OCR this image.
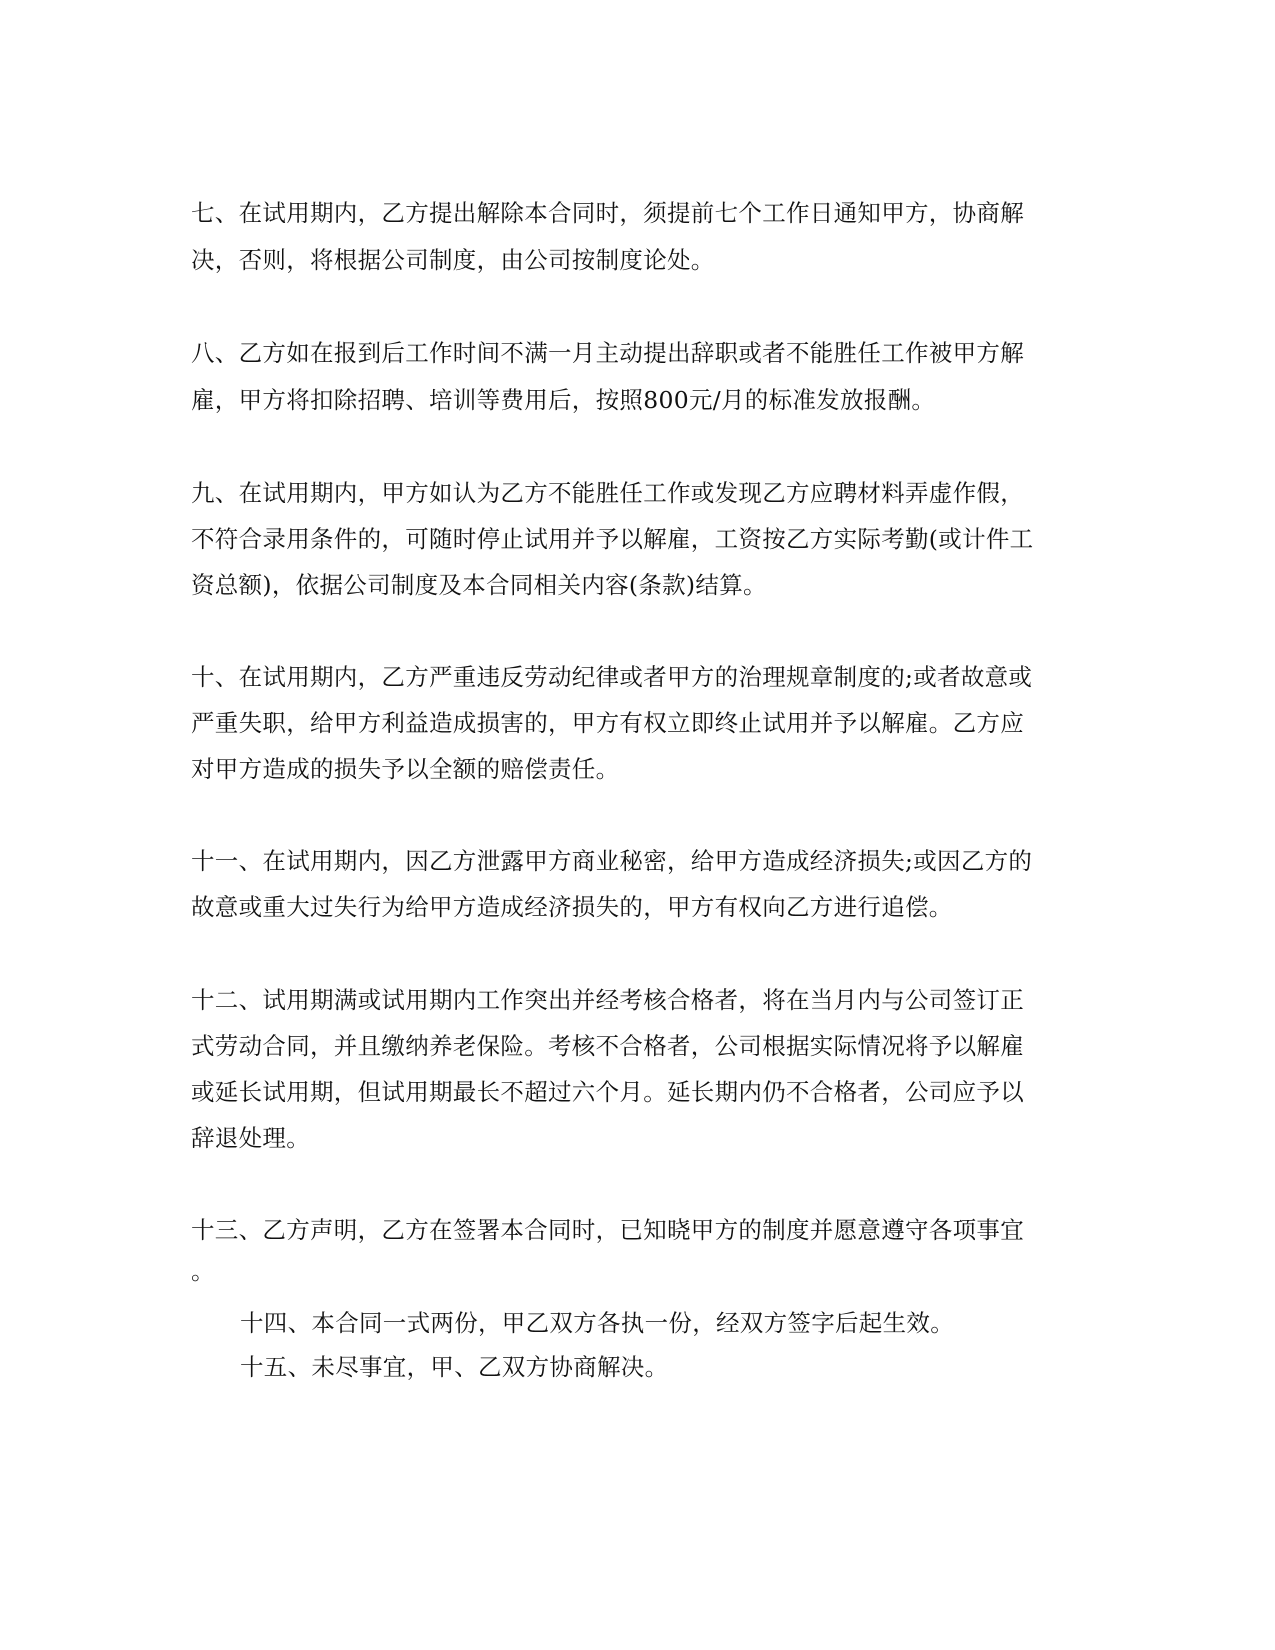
七、在试用期内，乙方提出解除本合同时，须提前七个工作日通知甲方，协商解
决，否则，将根据公司制度，由公司按制度论处。
八、乙方如在报到后工作时间不满一月主动提出辞职或者不能胜任工作被甲方解
雇，甲方将扣除招聘、培训等费用后，按照800元/月的标准发放报酬。
九、在试用期内，甲方如认为乙方不能胜任工作或发现乙方应聘材料弄虚作假，
不符合录用条件的，可随时停止试用并予以解雇，工资按乙方实际考勤(或计件工
资总额)，依据公司制度及本合同相关内容(条款)结算。
十、在试用期内，乙方严重违反劳动纪律或者甲方的治理规章制度的;或者故意或
严重失职，给甲方利益造成损害的，甲方有权立即终止试用并予以解雇。乙方应
对甲方造成的损失予以全额的赔偿责任。
十一、在试用期内，因乙方泄露甲方商业秘密，给甲方造成经济损失;或因乙方的
故意或重大过失行为给甲方造成经济损失的，甲方有权向乙方进行追偿。
十二、试用期满或试用期内工作突出并经考核合格者，将在当月内与公司签订正
式劳动合同，并且缴纳养老保险。考核不合格者，公司根据实际情况将予以解雇
或延长试用期，但试用期最长不超过六个月。延长期内仍不合格者，公司应予以
辞退处理。
十三、乙方声明，乙方在签署本合同时，已知晓甲方的制度并愿意遵守各项事宜
。
十四、本合同一式两份，甲乙双方各执一份，经双方签字后起生效。
十五、未尽事宜，甲、乙双方协商解决。
